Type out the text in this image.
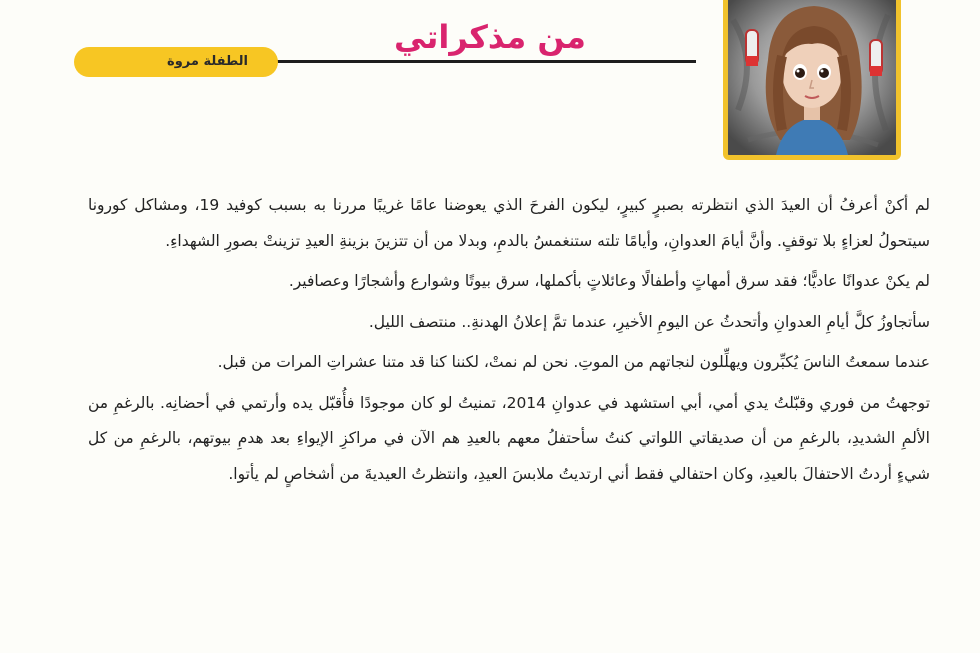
من مذكراتي
الطفلة مروة

لم أكنْ أعرفُ أن العيدَ الذي انتظرته بصبرٍ كبيرٍ، ليكون الفرحَ الذي يعوضنا عامًا غريبًا مررنا به بسبب كوفيد 19، ومشاكل كورونا سيتحولُ لعزاءٍ بلا توقفٍ. وأنَّ أيامَ العدوانِ، وأيامًا تلته ستنغمسُ بالدمِ، وبدلا من أن تتزينَ بزينةِ العيدِ تزينتْ بصورِ الشهداءِ.

لم يكنْ عدوانًا عاديًّا؛ فقد سرق أمهاتٍ وأطفالًا وعائلاتٍ بأكملها، سرق بيوتًا وشوارع وأشجارًا وعصافير.

سأتجاوزُ كلَّ أيامِ العدوانِ وأتحدثُ عن اليومِ الأخيرِ، عندما تمَّ إعلانُ الهدنةِ.. منتصف الليل.

عندما سمعتُ الناسَ يُكبِّرون ويهلِّلون لنجاتهم من الموتِ. نحن لم نمتْ، لكننا كنا قد متنا عشراتِ المرات من قبل.

توجهتُ من فوري وقبّلتُ يدي أمي، أبي استشهد في عدوانِ 2014، تمنيتُ لو كان موجودًا فأُقبّل يده وأرتمي في أحضانِه. بالرغمِ من الألمِ الشديدِ، بالرغمِ من أن صديقاتي اللواتي كنتُ سأحتفلُ معهم بالعيدِ هم الآن في مراكزِ الإيواءِ بعد هدمِ بيوتهم، بالرغمِ من كل شيءٍ أردتُ الاحتفالَ بالعيدِ، وكان احتفالي فقط أني ارتديتُ ملابسَ العيدِ، وانتظرتُ العيديةَ من أشخاصٍ لم يأتوا.
